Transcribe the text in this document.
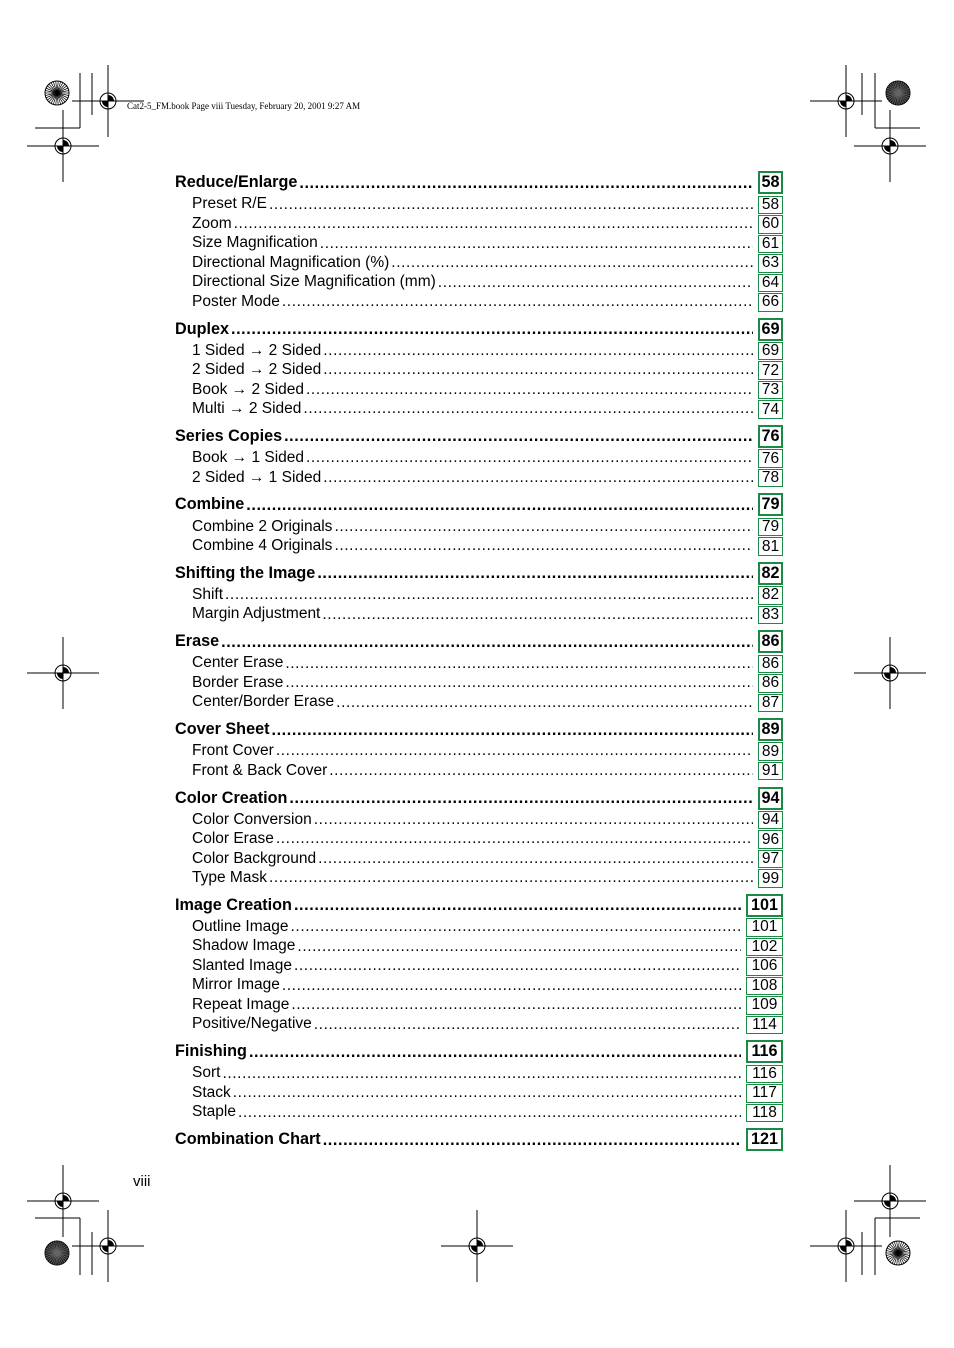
Cat2-5_FM.book Page viii Tuesday, February 20, 2001 9:27 AM
Reduce/Enlarge .....	58
Preset R/E .....	58
Zoom .....	60
Size Magnification .....	61
Directional Magnification (%) .....	63
Directional Size Magnification (mm) .....	64
Poster Mode .....	66
Duplex .....	69
1 Sided → 2 Sided .....	69
2 Sided → 2 Sided .....	72
Book → 2 Sided .....	73
Multi → 2 Sided .....	74
Series Copies .....	76
Book → 1 Sided .....	76
2 Sided → 1 Sided .....	78
Combine .....	79
Combine 2 Originals .....	79
Combine 4 Originals .....	81
Shifting the Image .....	82
Shift .....	82
Margin Adjustment .....	83
Erase .....	86
Center Erase .....	86
Border Erase .....	86
Center/Border Erase .....	87
Cover Sheet .....	89
Front Cover .....	89
Front & Back Cover .....	91
Color Creation .....	94
Color Conversion .....	94
Color Erase .....	96
Color Background .....	97
Type Mask .....	99
Image Creation .....	101
Outline Image .....	101
Shadow Image .....	102
Slanted Image .....	106
Mirror Image .....	108
Repeat Image .....	109
Positive/Negative .....	114
Finishing .....	116
Sort .....	116
Stack .....	117
Staple .....	118
Combination Chart .....	121
viii
